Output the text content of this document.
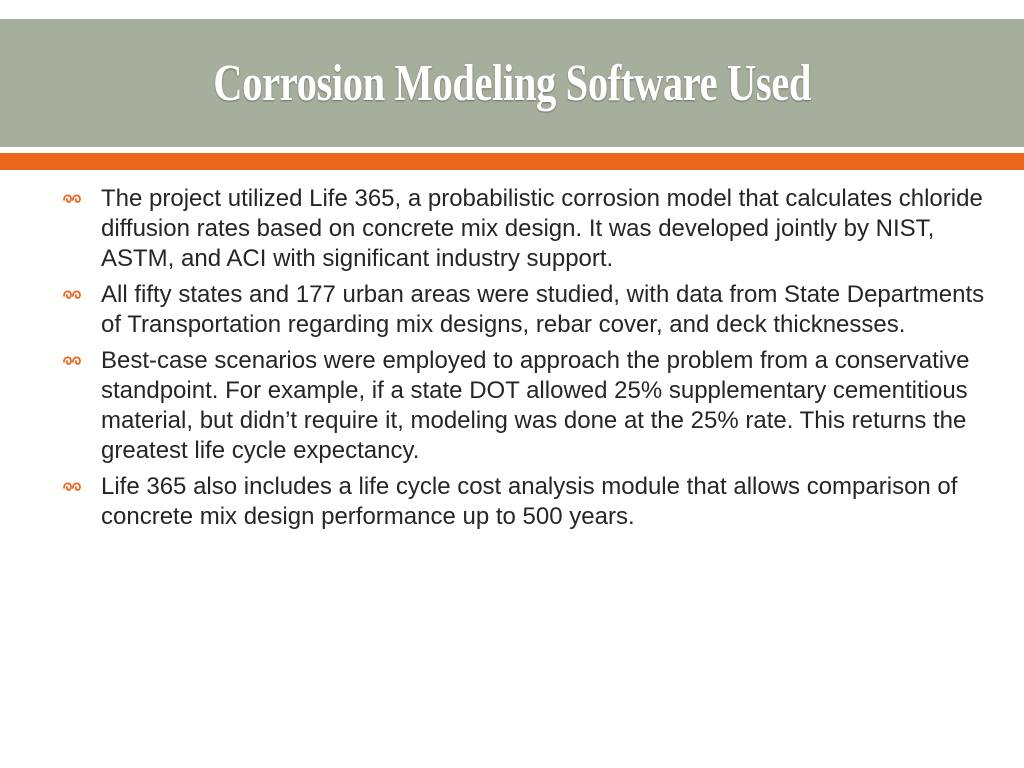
Corrosion Modeling Software Used
The project utilized Life 365, a probabilistic corrosion model that calculates chloride diffusion rates based on concrete mix design. It was developed jointly by NIST, ASTM, and ACI with significant industry support.
All fifty states and 177 urban areas were studied, with data from State Departments of Transportation regarding mix designs, rebar cover, and deck thicknesses.
Best-case scenarios were employed to approach the problem from a conservative standpoint. For example, if a state DOT allowed 25% supplementary cementitious material, but didn’t require it, modeling was done at the 25% rate. This returns the greatest life cycle expectancy.
Life 365 also includes a life cycle cost analysis module that allows comparison of concrete mix design performance up to 500 years.
